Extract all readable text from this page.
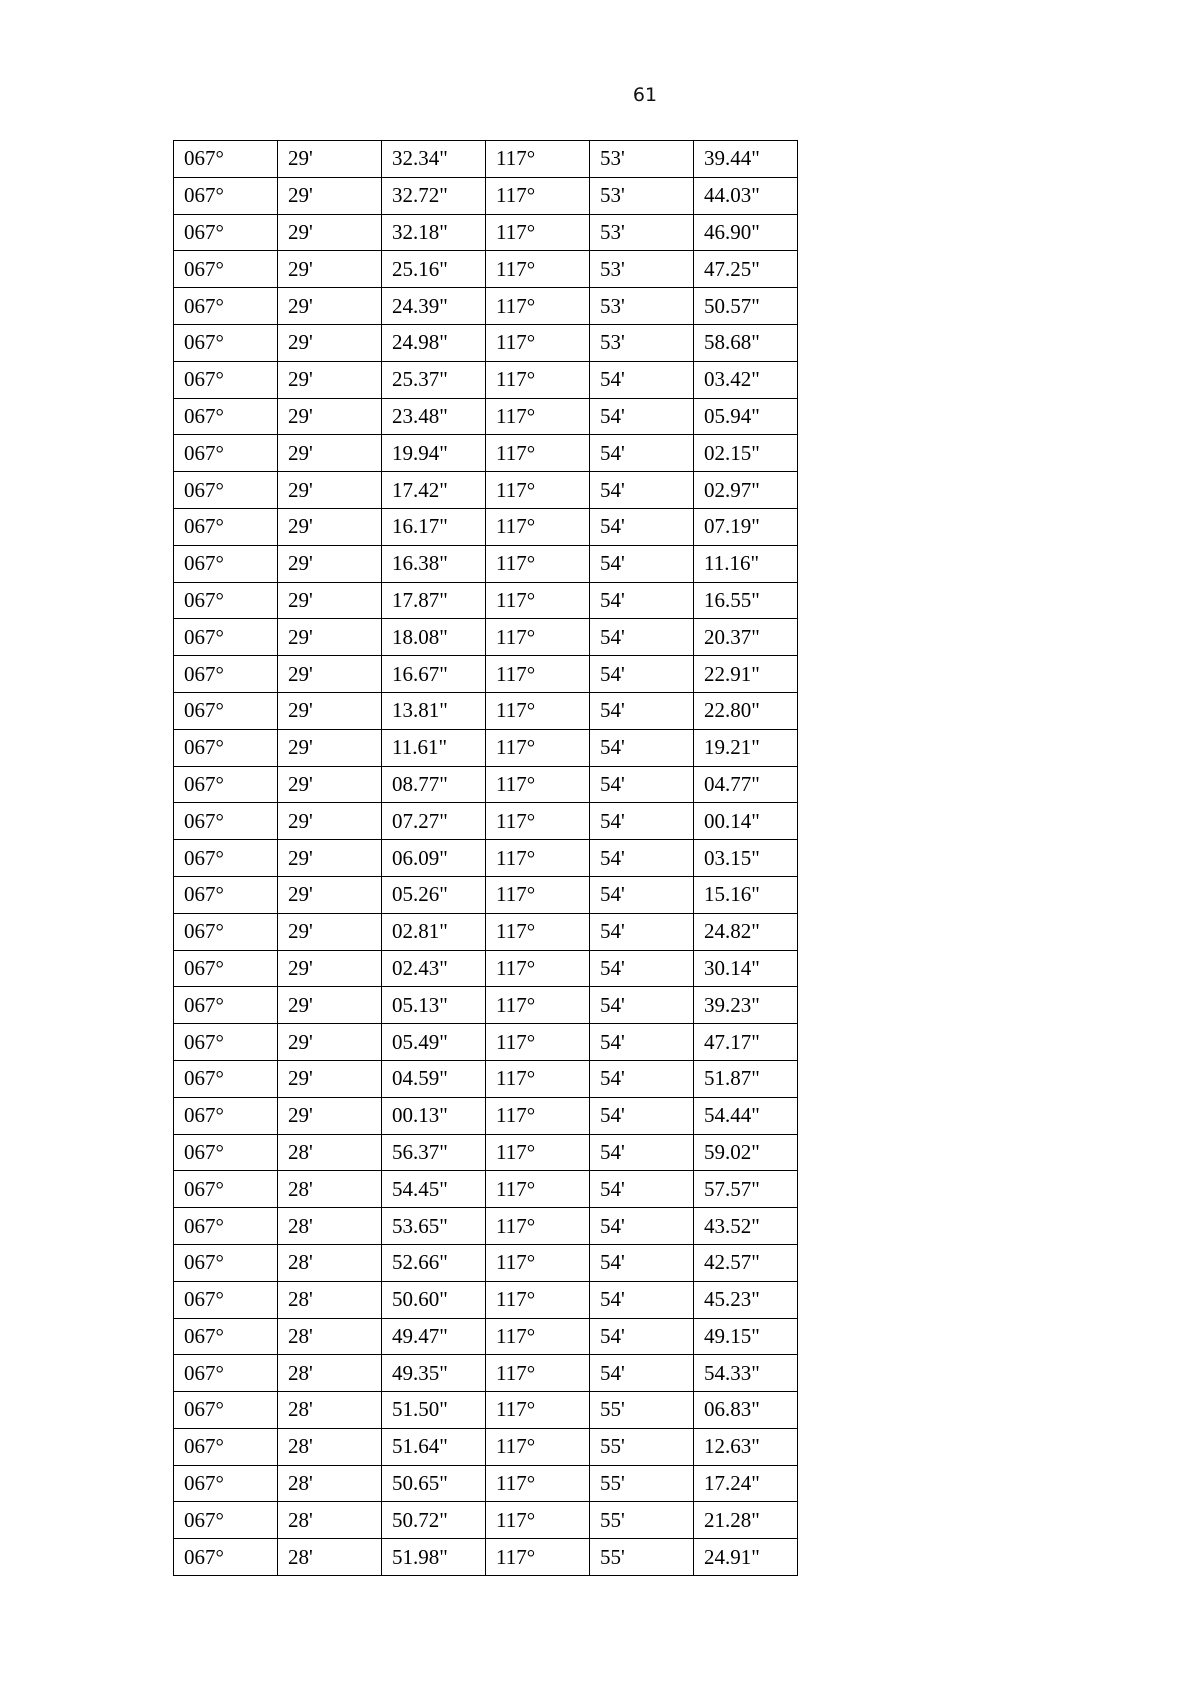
61
067°	29'	32.34"	117°	53'	39.44"
067°	29'	32.72"	117°	53'	44.03"
067°	29'	32.18"	117°	53'	46.90"
067°	29'	25.16"	117°	53'	47.25"
067°	29'	24.39"	117°	53'	50.57"
067°	29'	24.98"	117°	53'	58.68"
067°	29'	25.37"	117°	54'	03.42"
067°	29'	23.48"	117°	54'	05.94"
067°	29'	19.94"	117°	54'	02.15"
067°	29'	17.42"	117°	54'	02.97"
067°	29'	16.17"	117°	54'	07.19"
067°	29'	16.38"	117°	54'	11.16"
067°	29'	17.87"	117°	54'	16.55"
067°	29'	18.08"	117°	54'	20.37"
067°	29'	16.67"	117°	54'	22.91"
067°	29'	13.81"	117°	54'	22.80"
067°	29'	11.61"	117°	54'	19.21"
067°	29'	08.77"	117°	54'	04.77"
067°	29'	07.27"	117°	54'	00.14"
067°	29'	06.09"	117°	54'	03.15"
067°	29'	05.26"	117°	54'	15.16"
067°	29'	02.81"	117°	54'	24.82"
067°	29'	02.43"	117°	54'	30.14"
067°	29'	05.13"	117°	54'	39.23"
067°	29'	05.49"	117°	54'	47.17"
067°	29'	04.59"	117°	54'	51.87"
067°	29'	00.13"	117°	54'	54.44"
067°	28'	56.37"	117°	54'	59.02"
067°	28'	54.45"	117°	54'	57.57"
067°	28'	53.65"	117°	54'	43.52"
067°	28'	52.66"	117°	54'	42.57"
067°	28'	50.60"	117°	54'	45.23"
067°	28'	49.47"	117°	54'	49.15"
067°	28'	49.35"	117°	54'	54.33"
067°	28'	51.50"	117°	55'	06.83"
067°	28'	51.64"	117°	55'	12.63"
067°	28'	50.65"	117°	55'	17.24"
067°	28'	50.72"	117°	55'	21.28"
067°	28'	51.98"	117°	55'	24.91"
